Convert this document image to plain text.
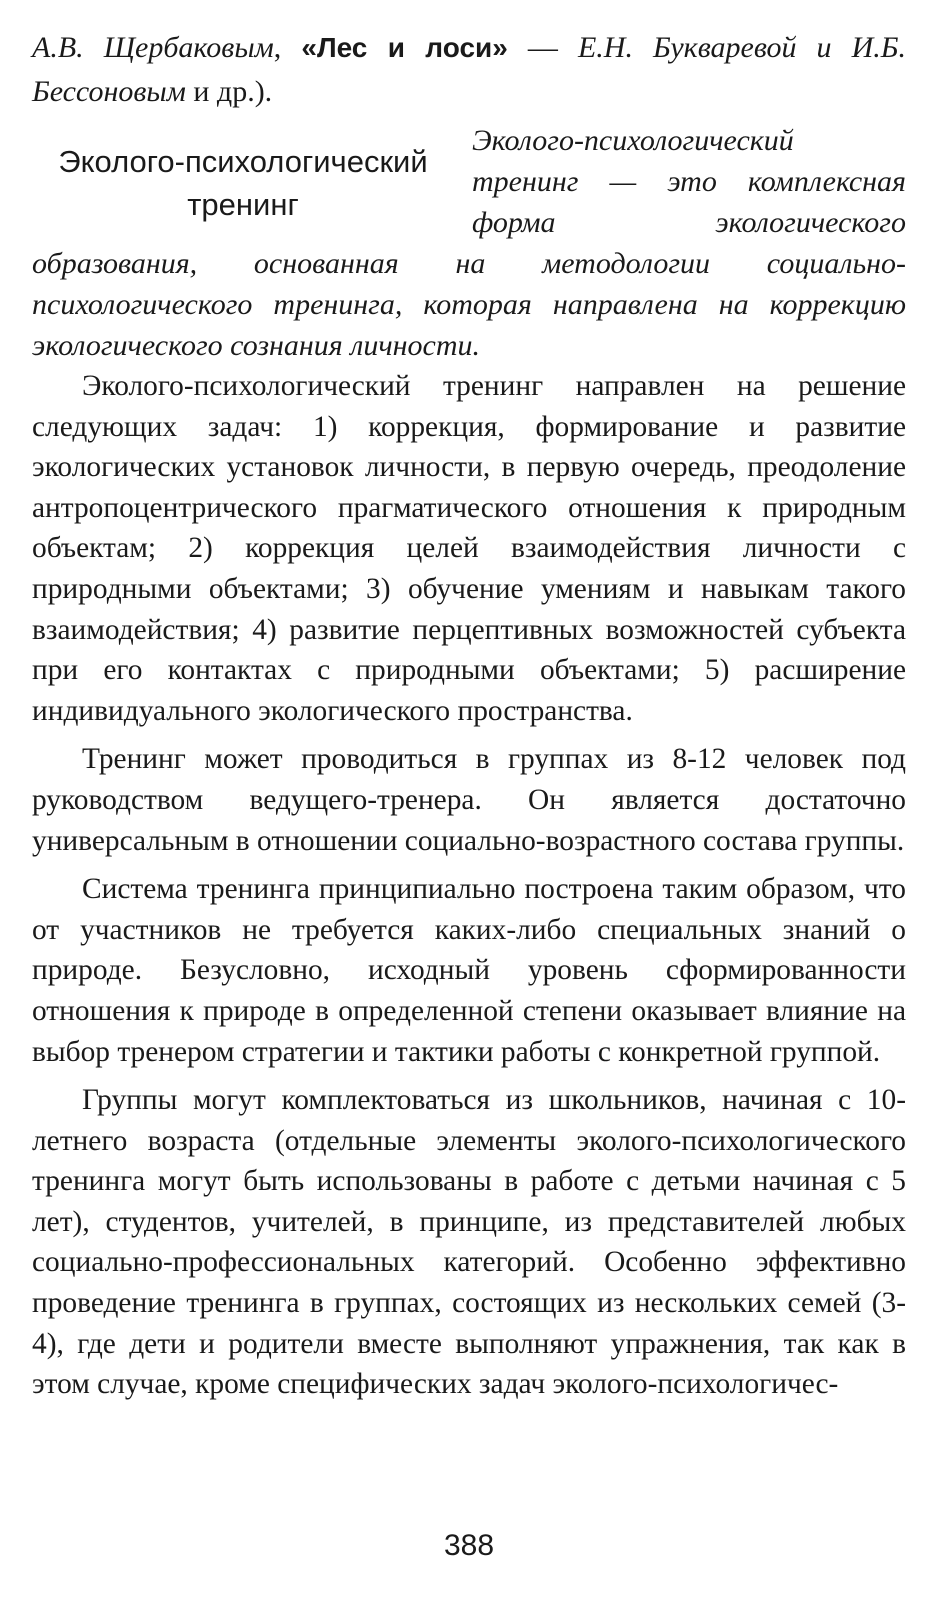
А.В. Щербаковым, «Лес и лоси» — Е.Н. Букваревой и И.Б. Бессоновым и др.).

Эколого-психологический
тренинг

Эколого-психологический тренинг — это комплексная форма экологического образования, основанная на методологии социально-психологического тренинга, которая направлена на коррекцию экологического сознания личности.

Эколого-психологический тренинг направлен на решение следующих задач: 1) коррекция, формирование и развитие экологических установок личности, в первую очередь, преодоление антропоцентрического прагматического отношения к природным объектам; 2) коррекция целей взаимодействия личности с природными объектами; 3) обучение умениям и навыкам такого взаимодействия; 4) развитие перцептивных возможностей субъекта при его контактах с природными объектами; 5) расширение индивидуального экологического пространства.

Тренинг может проводиться в группах из 8-12 человек под руководством ведущего-тренера. Он является достаточно универсальным в отношении социально-возрастного состава группы.

Система тренинга принципиально построена таким образом, что от участников не требуется каких-либо специальных знаний о природе. Безусловно, исходный уровень сформированности отношения к природе в определенной степени оказывает влияние на выбор тренером стратегии и тактики работы с конкретной группой.

Группы могут комплектоваться из школьников, начиная с 10-летнего возраста (отдельные элементы эколого-психологического тренинга могут быть использованы в работе с детьми начиная с 5 лет), студентов, учителей, в принципе, из представителей любых социально-профессиональных категорий. Особенно эффективно проведение тренинга в группах, состоящих из нескольких семей (3-4), где дети и родители вместе выполняют упражнения, так как в этом случае, кроме специфических задач эколого-психологичес-

388
